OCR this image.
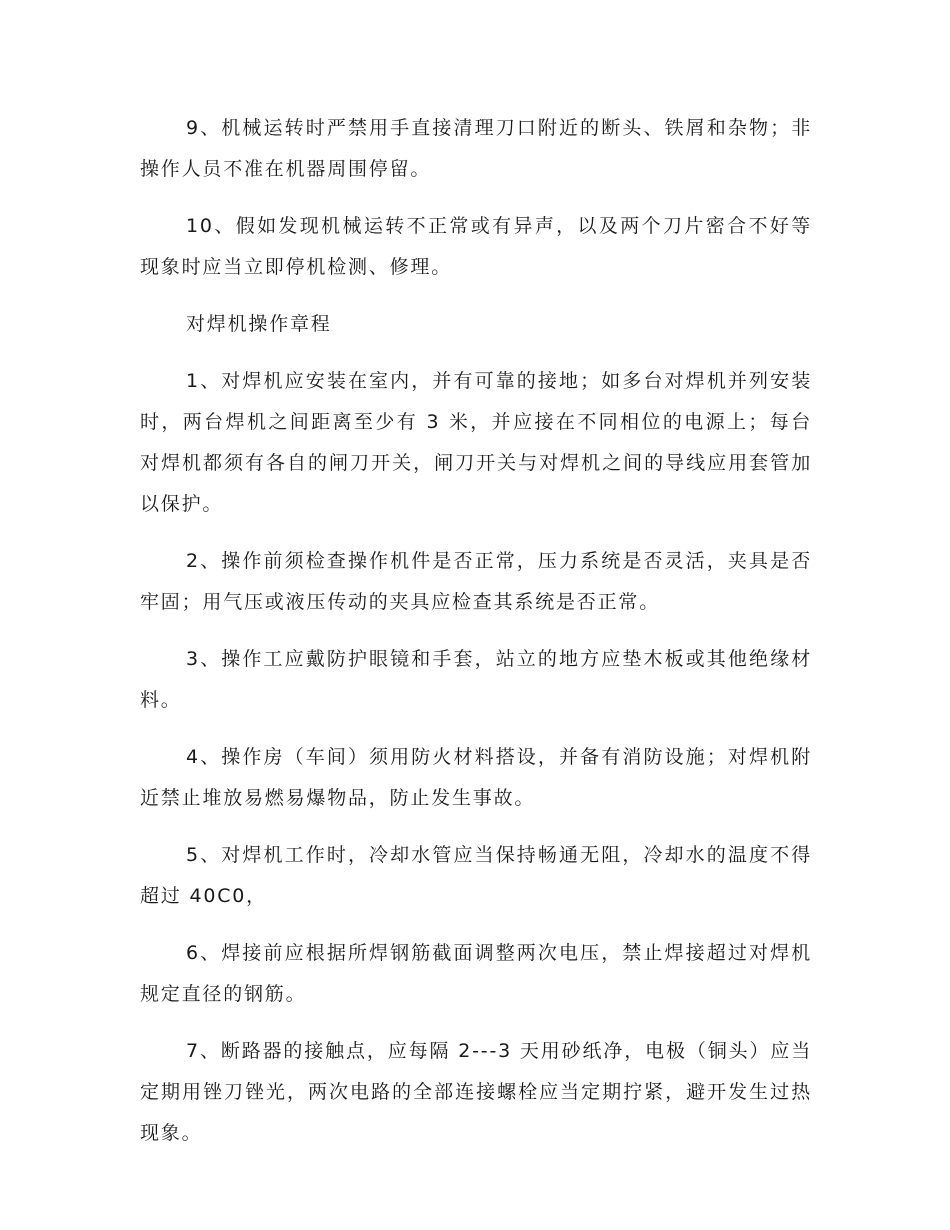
9、机械运转时严禁用手直接清理刀口附近的断头、铁屑和杂物；非操作人员不准在机器周围停留。

10、假如发现机械运转不正常或有异声，以及两个刀片密合不好等现象时应当立即停机检测、修理。

对焊机操作章程

1、对焊机应安装在室内，并有可靠的接地；如多台对焊机并列安装时，两台焊机之间距离至少有 3 米，并应接在不同相位的电源上；每台对焊机都须有各自的闸刀开关，闸刀开关与对焊机之间的导线应用套管加以保护。

2、操作前须检查操作机件是否正常，压力系统是否灵活，夹具是否牢固；用气压或液压传动的夹具应检查其系统是否正常。

3、操作工应戴防护眼镜和手套，站立的地方应垫木板或其他绝缘材料。

4、操作房（车间）须用防火材料搭设，并备有消防设施；对焊机附近禁止堆放易燃易爆物品，防止发生事故。

5、对焊机工作时，冷却水管应当保持畅通无阻，冷却水的温度不得超过 40C0，

6、焊接前应根据所焊钢筋截面调整两次电压，禁止焊接超过对焊机规定直径的钢筋。

7、断路器的接触点，应每隔 2---3 天用砂纸净，电极（铜头）应当定期用锉刀锉光，两次电路的全部连接螺栓应当定期拧紧，避开发生过热现象。
